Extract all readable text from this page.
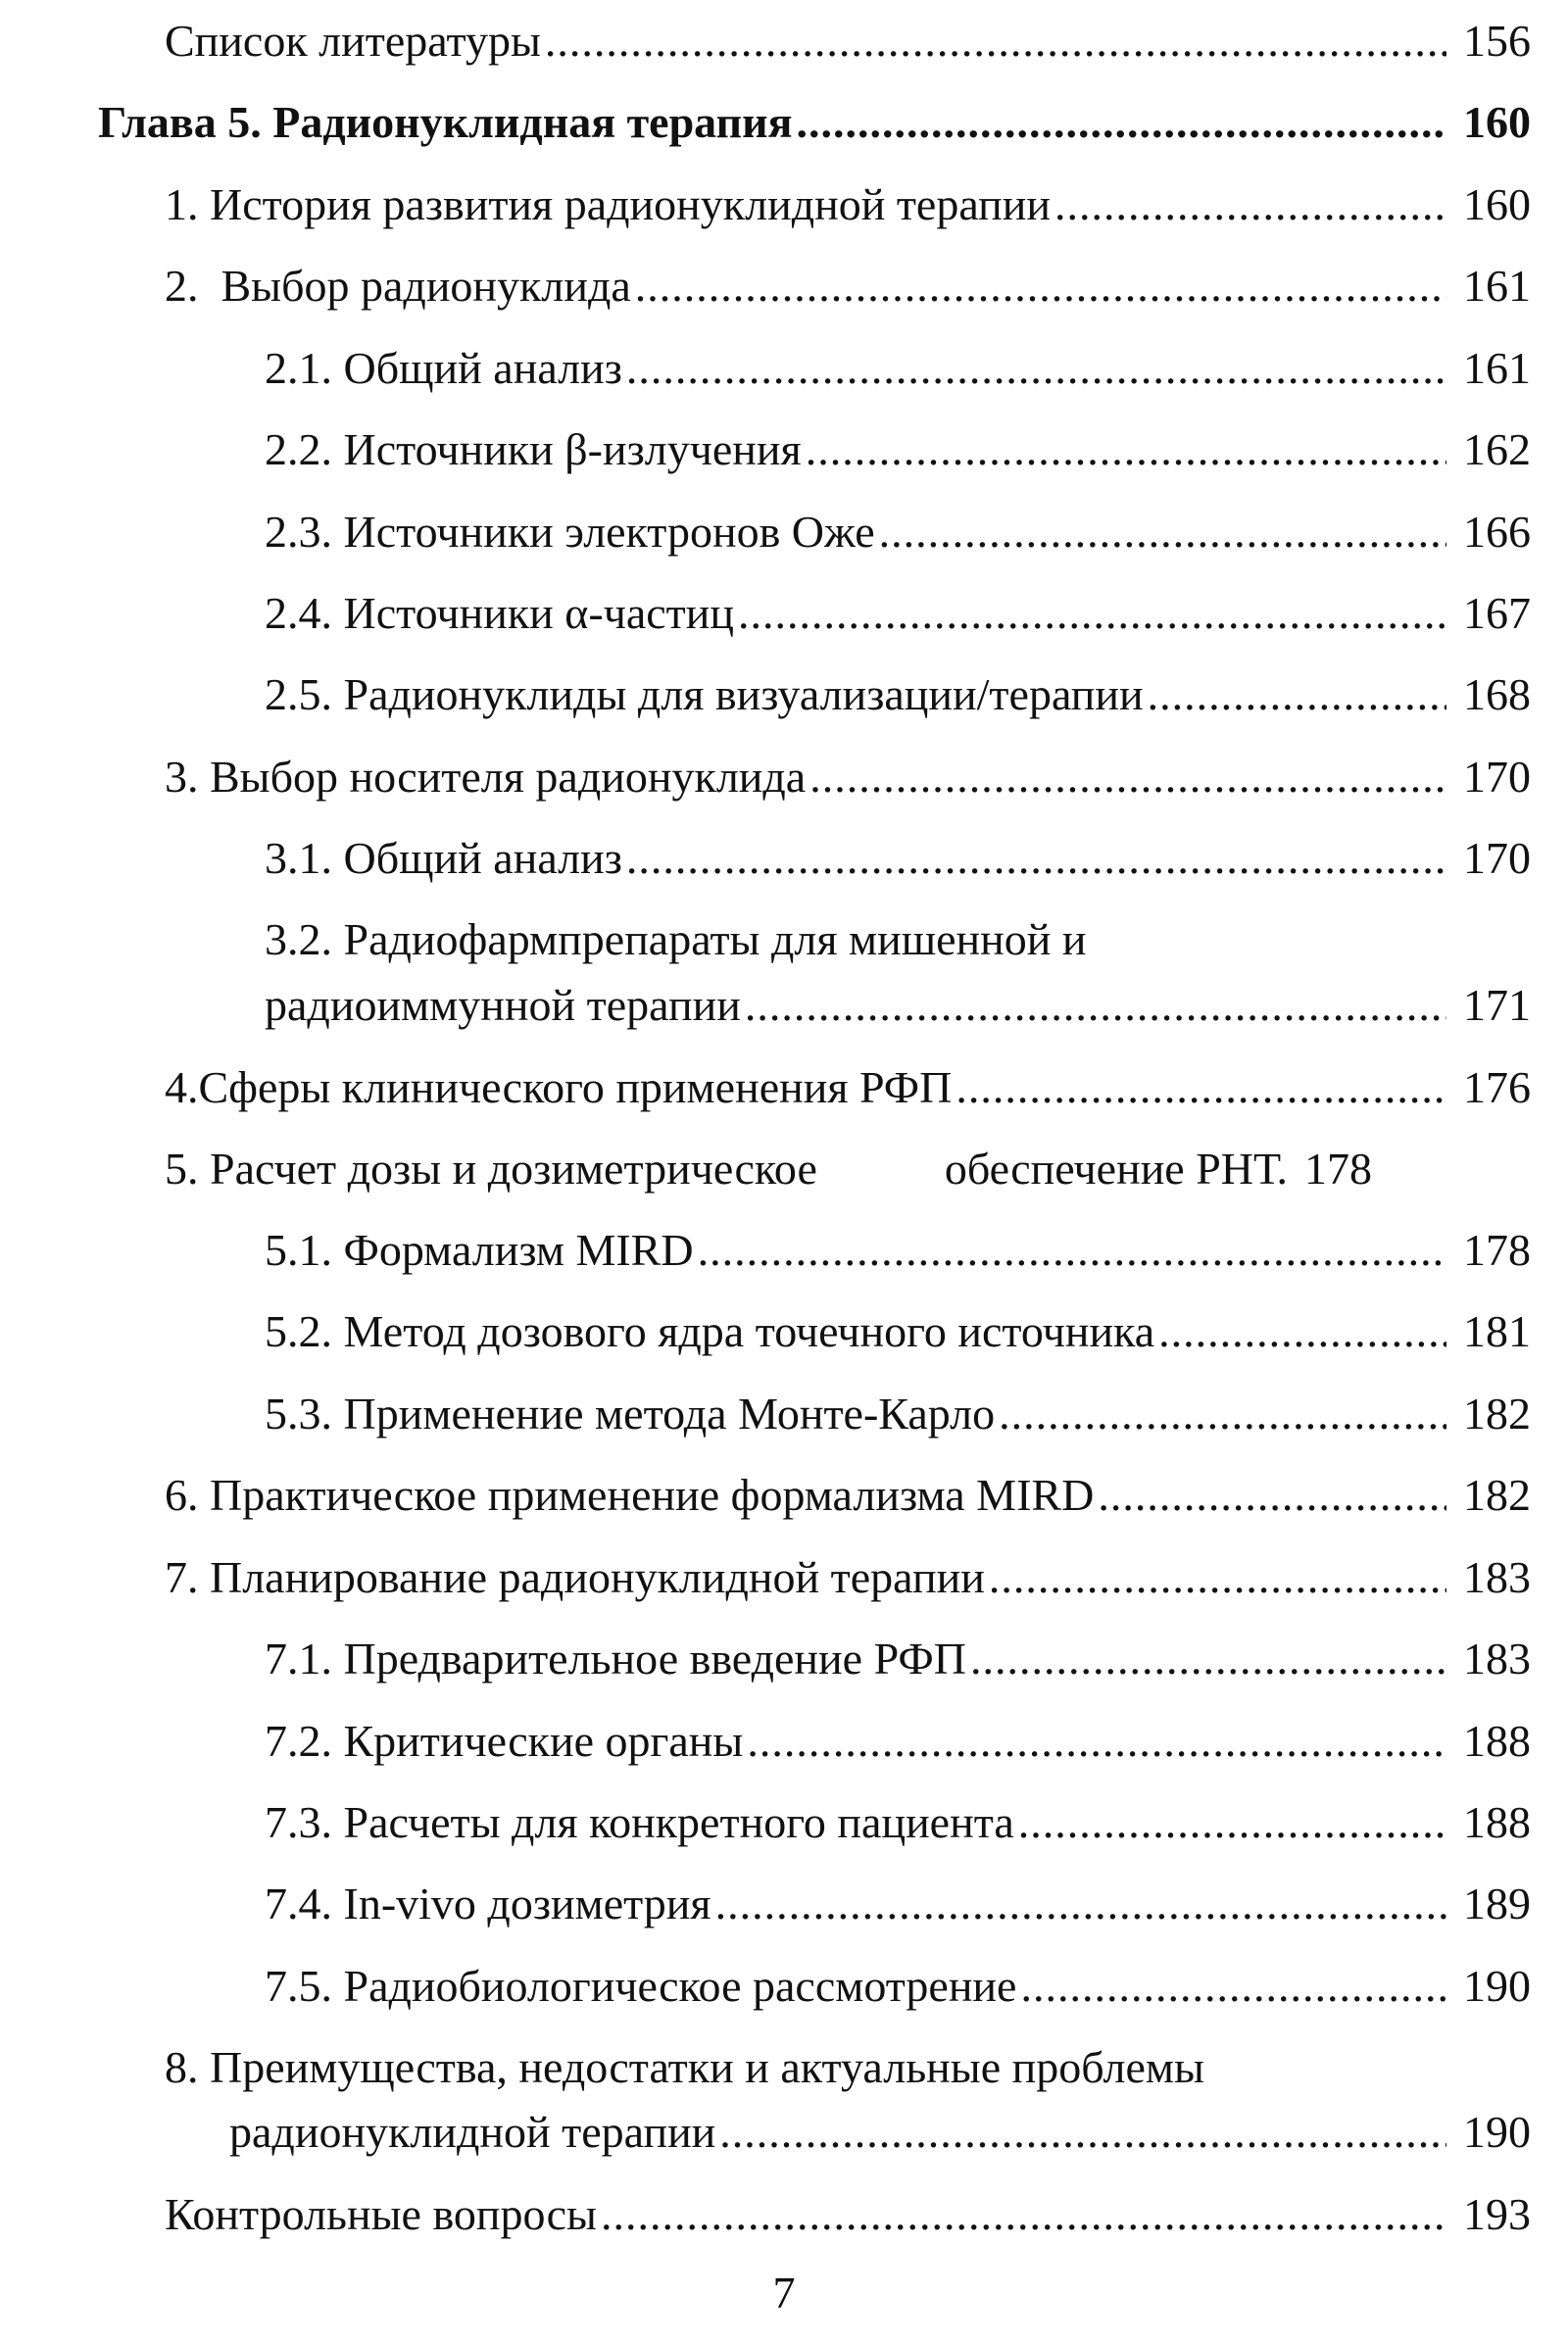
Список литературы .....	156
Глава 5. Радионуклидная терапия .....	160
1. История развития радионуклидной терапии .....	160
2.  Выбор радионуклида .....	161
2.1. Общий анализ .....	161
2.2. Источники β-излучения .....	162
2.3. Источники электронов Оже .....	166
2.4. Источники α-частиц .....	167
2.5. Радионуклиды для визуализации/терапии .....	168
3. Выбор носителя радионуклида .....	170
3.1. Общий анализ .....	170
3.2. Радиофармпрепараты для мишенной и
радиоиммунной терапии .....	171
4.Сферы клинического применения РФП .....	176
5. Расчет дозы и дозиметрическое	обеспечение РНТ. 178
5.1. Формализм MIRD .....	178
5.2. Метод дозового ядра точечного источника .....	181
5.3. Применение метода Монте-Карло .....	182
6. Практическое применение формализма MIRD .....	182
7. Планирование радионуклидной терапии .....	183
7.1. Предварительное введение РФП .....	183
7.2. Критические органы .....	188
7.3. Расчеты для конкретного пациента .....	188
7.4. In-vivo дозиметрия .....	189
7.5. Радиобиологическое рассмотрение .....	190
8. Преимущества, недостатки и актуальные проблемы
радионуклидной терапии .....	190
Контрольные вопросы .....	193
7
